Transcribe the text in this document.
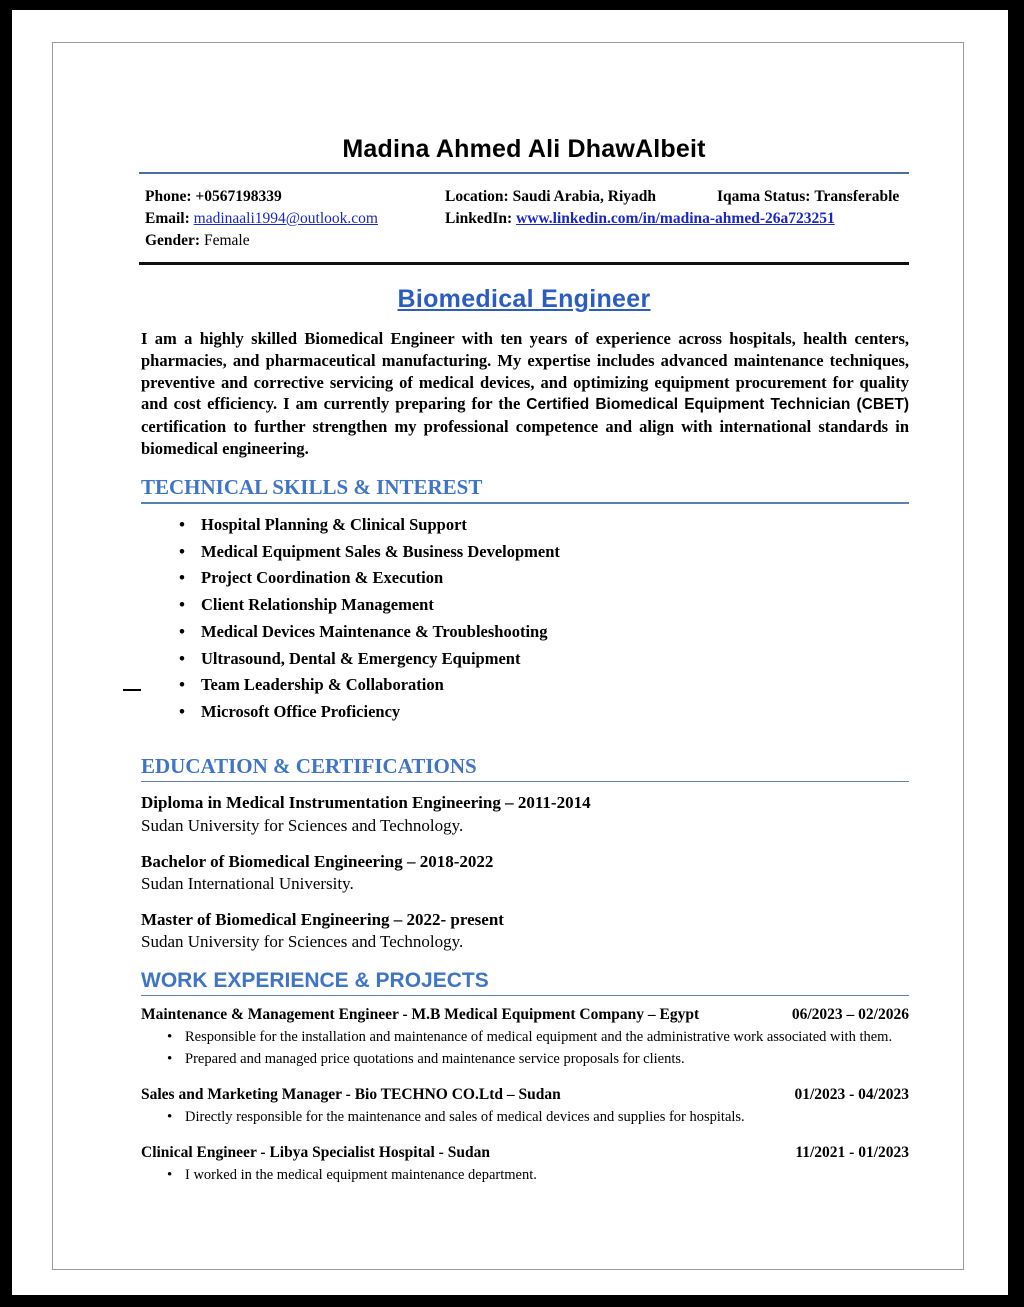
Madina Ahmed Ali DhawAlbeit
Phone: +0567198339	Location: Saudi Arabia, Riyadh	Iqama Status: Transferable
Email: madinaali1994@outlook.com	LinkedIn: www.linkedin.com/in/madina-ahmed-26a723251
Gender: Female
Biomedical Engineer
I am a highly skilled Biomedical Engineer with ten years of experience across hospitals, health centers, pharmacies, and pharmaceutical manufacturing. My expertise includes advanced maintenance techniques, preventive and corrective servicing of medical devices, and optimizing equipment procurement for quality and cost efficiency. I am currently preparing for the Certified Biomedical Equipment Technician (CBET) certification to further strengthen my professional competence and align with international standards in biomedical engineering.
TECHNICAL SKILLS & INTEREST
• Hospital Planning & Clinical Support
• Medical Equipment Sales & Business Development
• Project Coordination & Execution
• Client Relationship Management
• Medical Devices Maintenance & Troubleshooting
• Ultrasound, Dental & Emergency Equipment
• Team Leadership & Collaboration
• Microsoft Office Proficiency
EDUCATION & CERTIFICATIONS
Diploma in Medical Instrumentation Engineering – 2011-2014
Sudan University for Sciences and Technology.
Bachelor of Biomedical Engineering – 2018-2022
Sudan International University.
Master of Biomedical Engineering – 2022- present
Sudan University for Sciences and Technology.
WORK EXPERIENCE & PROJECTS
Maintenance & Management Engineer - M.B Medical Equipment Company – Egypt	06/2023 – 02/2026
• Responsible for the installation and maintenance of medical equipment and the administrative work associated with them.
• Prepared and managed price quotations and maintenance service proposals for clients.
Sales and Marketing Manager - Bio TECHNO CO.Ltd – Sudan	01/2023 - 04/2023
• Directly responsible for the maintenance and sales of medical devices and supplies for hospitals.
Clinical Engineer - Libya Specialist Hospital - Sudan	11/2021 - 01/2023
• I worked in the medical equipment maintenance department.
